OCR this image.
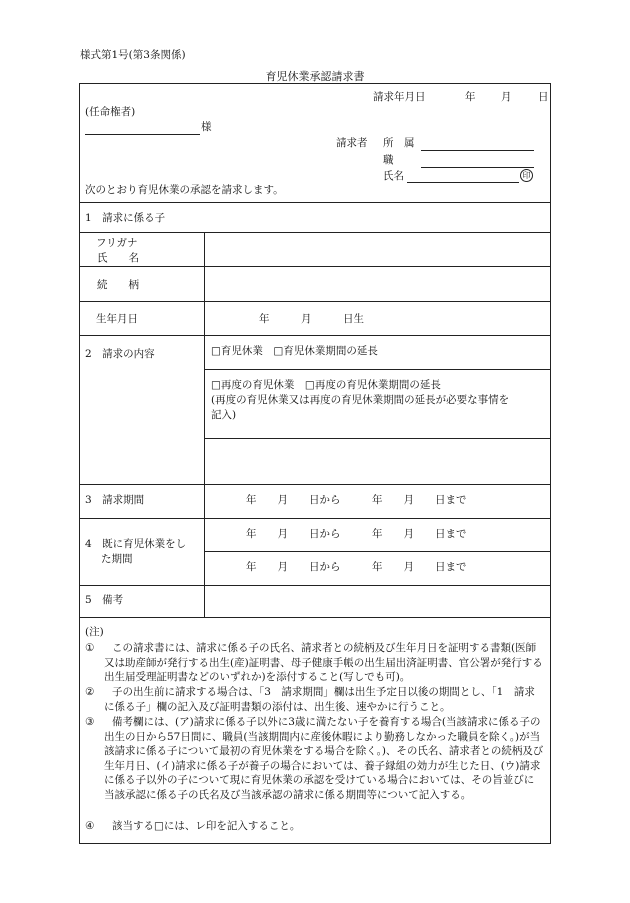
様式第1号(第3条関係)
育児休業承認請求書
請求年月日	年 月	日
(任命権者)
様
請求者 所　属
職
氏名	印
次のとおり育児休業の承認を請求します。
1　請求に係る子
フリガナ
氏　　名
続　　柄
生年月日	年　　　月　　　日生
2　請求の内容	□育児休業　□育児休業期間の延長
□再度の育児休業　□再度の育児休業期間の延長
(再度の育児休業又は再度の育児休業期間の延長が必要な事情を
記入)
3　請求期間	年　　月　　日から　　　年　　月　　日まで
4　既に育児休業をし
た期間
年　　月　　日から　　　年　　月　　日まで
年　　月　　日から　　　年　　月　　日まで
5　備考
(注)
①	この請求書には、請求に係る子の氏名、請求者との続柄及び生年月日を証明する書類(医師又は助産師が発行する出生(産)証明書、母子健康手帳の出生届出済証明書、官公署が発行する出生届受理証明書などのいずれか)を添付すること(写しでも可)。
②	子の出生前に請求する場合は、「3　請求期間」欄は出生予定日以後の期間とし、「1　請求に係る子」欄の記入及び証明書類の添付は、出生後、速やかに行うこと。
③	備考欄には、(ア)請求に係る子以外に3歳に満たない子を養育する場合(当該請求に係る子の出生の日から57日間に、職員(当該期間内に産後休暇により勤務しなかった職員を除く。)が当該請求に係る子について最初の育児休業をする場合を除く。)、その氏名、請求者との続柄及び生年月日、(イ)請求に係る子が養子の場合においては、養子縁組の効力が生じた日、(ウ)請求に係る子以外の子について現に育児休業の承認を受けている場合においては、その旨並びに当該承認に係る子の氏名及び当該承認の請求に係る期間等について記入する。
④	該当する□には、レ印を記入すること。
